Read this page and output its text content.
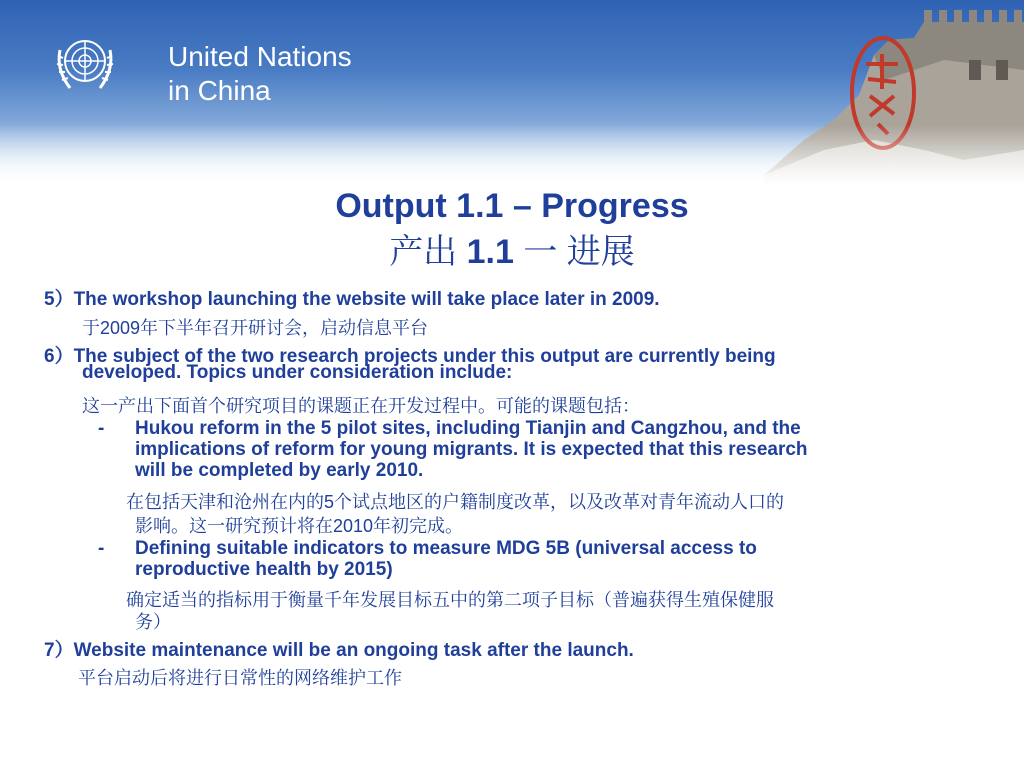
United Nations
in China
Output 1.1 – Progress
产出 1.1 一 进展
5）The workshop launching the website will take place later in 2009.
于2009年下半年召开研讨会，启动信息平台
6）The subject of the two research projects under this output are currently being
developed. Topics under consideration include:
这一产出下面首个研究项目的课题正在开发过程中。可能的课题包括：
- Hukou reform in the 5 pilot sites, including Tianjin and Cangzhou, and the
implications of reform for young migrants. It is expected that this research
will be completed by early 2010.
在包括天津和沧州在内的5个试点地区的户籍制度改革，以及改革对青年流动人口的
影响。这一研究预计将在2010年初完成。
- Defining suitable indicators to measure MDG 5B (universal access to
reproductive health by 2015)
确定适当的指标用于衡量千年发展目标五中的第二项子目标（普遍获得生殖保健服
务）
7）Website maintenance will be an ongoing task after the launch.
平台启动后将进行日常性的网络维护工作
